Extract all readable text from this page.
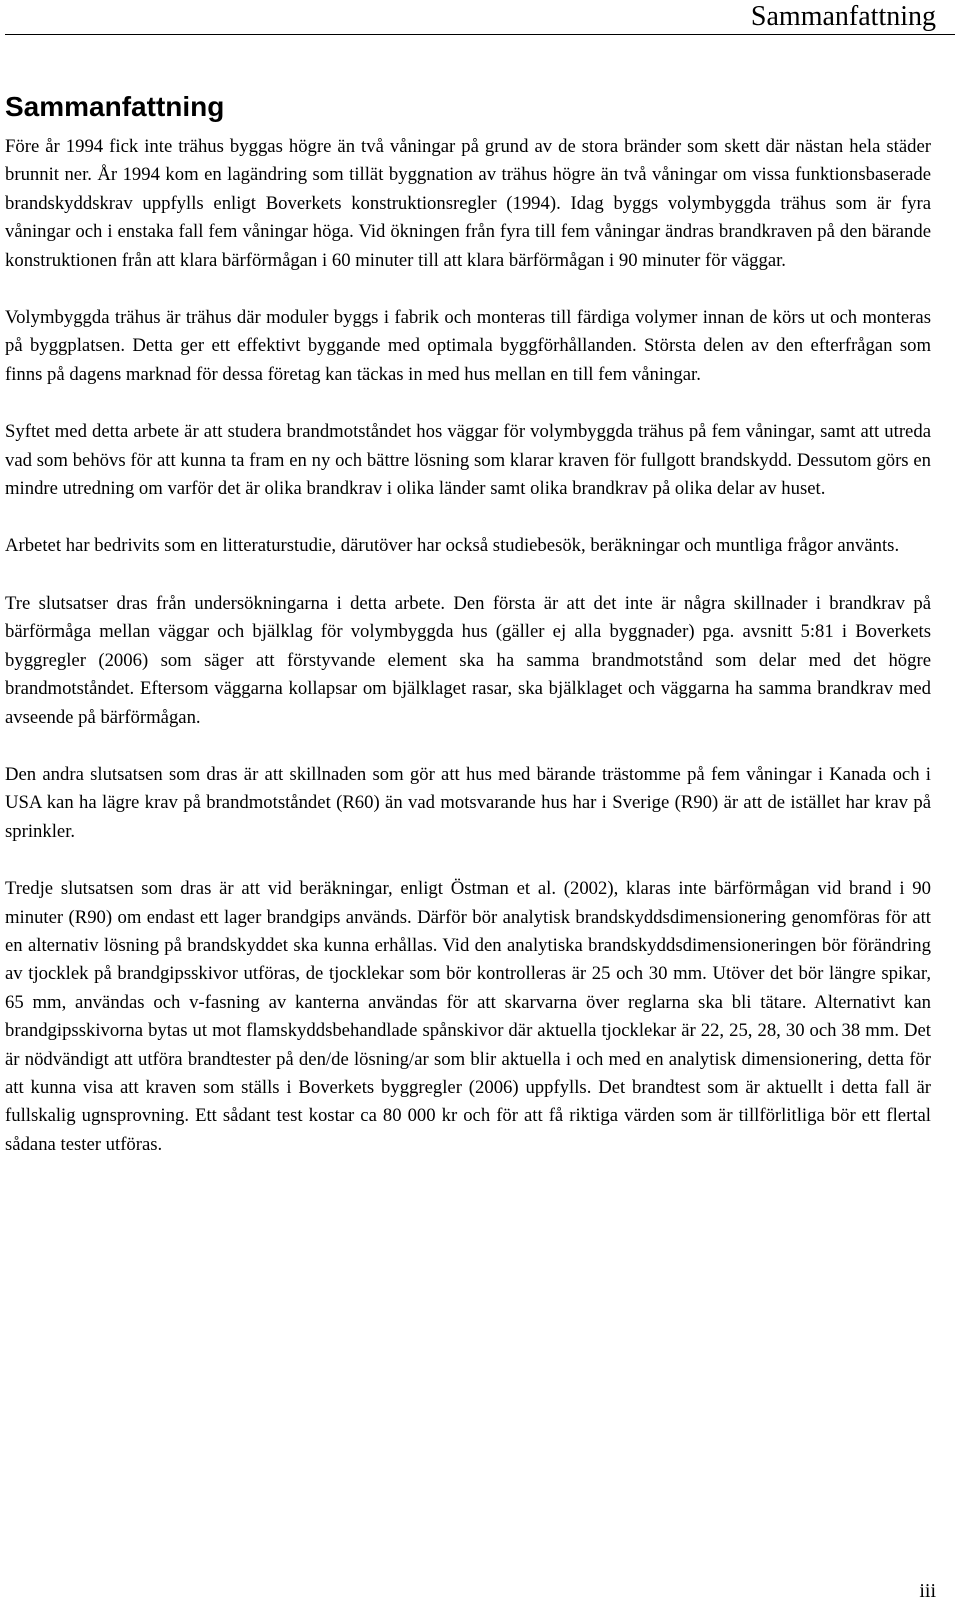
Sammanfattning
Sammanfattning

Före år 1994 fick inte trähus byggas högre än två våningar på grund av de stora bränder som skett där nästan hela städer brunnit ner. År 1994 kom en lagändring som tillät byggnation av trähus högre än två våningar om vissa funktionsbaserade brandskyddskrav uppfylls enligt Boverkets konstruktionsregler (1994). Idag byggs volymbyggda trähus som är fyra våningar och i enstaka fall fem våningar höga. Vid ökningen från fyra till fem våningar ändras brandkraven på den bärande konstruktionen från att klara bärförmågan i 60 minuter till att klara bärförmågan i 90 minuter för väggar.

Volymbyggda trähus är trähus där moduler byggs i fabrik och monteras till färdiga volymer innan de körs ut och monteras på byggplatsen. Detta ger ett effektivt byggande med optimala byggförhållanden. Största delen av den efterfrågan som finns på dagens marknad för dessa företag kan täckas in med hus mellan en till fem våningar.

Syftet med detta arbete är att studera brandmotståndet hos väggar för volymbyggda trähus på fem våningar, samt att utreda vad som behövs för att kunna ta fram en ny och bättre lösning som klarar kraven för fullgott brandskydd. Dessutom görs en mindre utredning om varför det är olika brandkrav i olika länder samt olika brandkrav på olika delar av huset.

Arbetet har bedrivits som en litteraturstudie, därutöver har också studiebesök, beräkningar och muntliga frågor använts.

Tre slutsatser dras från undersökningarna i detta arbete. Den första är att det inte är några skillnader i brandkrav på bärförmåga mellan väggar och bjälklag för volymbyggda hus (gäller ej alla byggnader) pga. avsnitt 5:81 i Boverkets byggregler (2006) som säger att förstyvande element ska ha samma brandmotstånd som delar med det högre brandmotståndet. Eftersom väggarna kollapsar om bjälklaget rasar, ska bjälklaget och väggarna ha samma brandkrav med avseende på bärförmågan.

Den andra slutsatsen som dras är att skillnaden som gör att hus med bärande trästomme på fem våningar i Kanada och i USA kan ha lägre krav på brandmotståndet (R60) än vad motsvarande hus har i Sverige (R90) är att de istället har krav på sprinkler.

Tredje slutsatsen som dras är att vid beräkningar, enligt Östman et al. (2002), klaras inte bärförmågan vid brand i 90 minuter (R90) om endast ett lager brandgips används. Därför bör analytisk brandskyddsdimensionering genomföras för att en alternativ lösning på brandskyddet ska kunna erhållas. Vid den analytiska brandskyddsdimensioneringen bör förändring av tjocklek på brandgipsskivor utföras, de tjocklekar som bör kontrolleras är 25 och 30 mm. Utöver det bör längre spikar, 65 mm, användas och v-fasning av kanterna användas för att skarvarna över reglarna ska bli tätare. Alternativt kan brandgipsskivorna bytas ut mot flamskyddsbehandlade spånskivor där aktuella tjocklekar är 22, 25, 28, 30 och 38 mm. Det är nödvändigt att utföra brandtester på den/de lösning/ar som blir aktuella i och med en analytisk dimensionering, detta för att kunna visa att kraven som ställs i Boverkets byggregler (2006) uppfylls. Det brandtest som är aktuellt i detta fall är fullskalig ugnsprovning. Ett sådant test kostar ca 80 000 kr och för att få riktiga värden som är tillförlitliga bör ett flertal sådana tester utföras.

iii
